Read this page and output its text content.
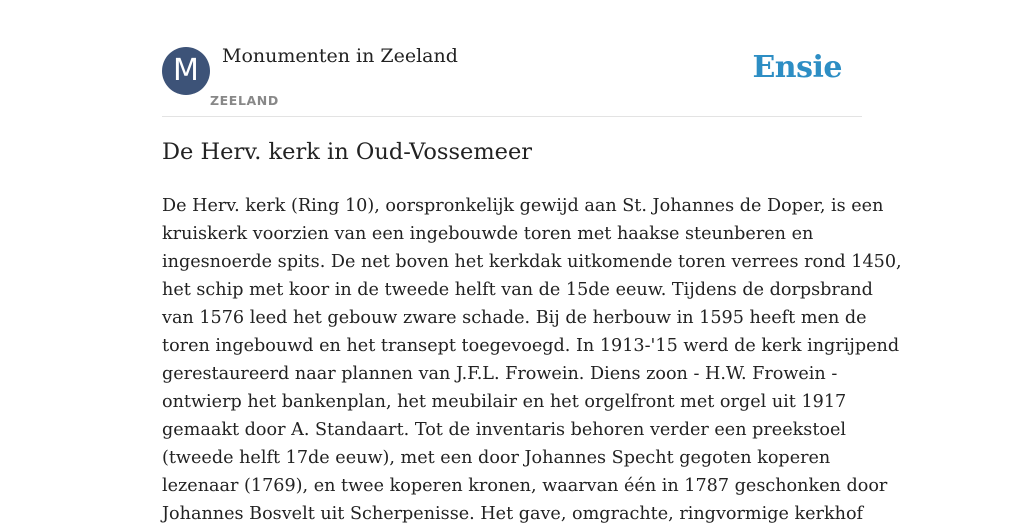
M	Monumenten in Zeeland
ZEELAND
Ensie
De Herv. kerk in Oud-Vossemeer

De Herv. kerk (Ring 10), oorspronkelijk gewijd aan St. Johannes de Doper, is een
kruiskerk voorzien van een ingebouwde toren met haakse steunberen en
ingesnoerde spits. De net boven het kerkdak uitkomende toren verrees rond 1450,
het schip met koor in de tweede helft van de 15de eeuw. Tijdens de dorpsbrand
van 1576 leed het gebouw zware schade. Bij de herbouw in 1595 heeft men de
toren ingebouwd en het transept toegevoegd. In 1913-'15 werd de kerk ingrijpend
gerestaureerd naar plannen van J.F.L. Frowein. Diens zoon - H.W. Frowein -
ontwierp het bankenplan, het meubilair en het orgelfront met orgel uit 1917
gemaakt door A. Standaart. Tot de inventaris behoren verder een preekstoel
(tweede helft 17de eeuw), met een door Johannes Specht gegoten koperen
lezenaar (1769), en twee koperen kronen, waarvan één in 1787 geschonken door
Johannes Bosvelt uit Scherpenisse. Het gave, omgrachte, ringvormige kerkhof
